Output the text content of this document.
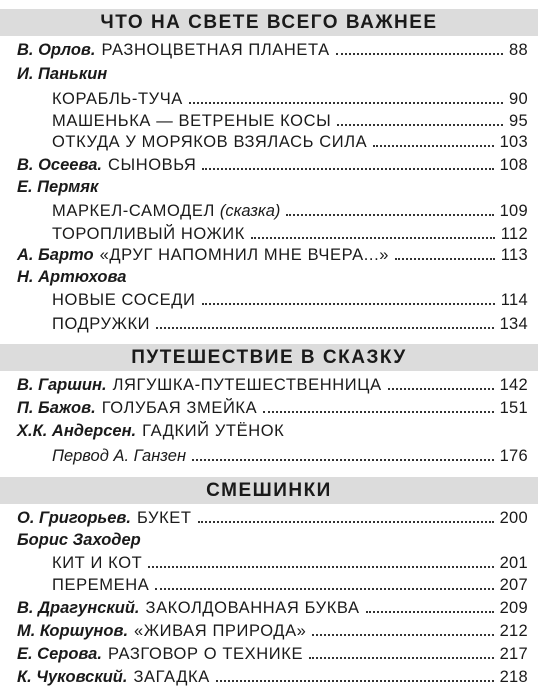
ЧТО НА СВЕТЕ ВСЕГО ВАЖНЕЕ
В. Орлов. РАЗНОЦВЕТНАЯ ПЛАНЕТА	88
И. Панькин
КОРАБЛЬ-ТУЧА	90
МАШЕНЬКА — ВЕТРЕНЫЕ КОСЫ	95
ОТКУДА У МОРЯКОВ ВЗЯЛАСЬ СИЛА	103
В. Осеева. СЫНОВЬЯ	108
Е. Пермяк
МАРКЕЛ-САМОДЕЛ (сказка)	109
ТОРОПЛИВЫЙ НОЖИК	112
А. Барто «ДРУГ НАПОМНИЛ МНЕ ВЧЕРА...»	113
Н. Артюхова
НОВЫЕ СОСЕДИ	114
ПОДРУЖКИ	134
ПУТЕШЕСТВИЕ В СКАЗКУ
В. Гаршин. ЛЯГУШКА-ПУТЕШЕСТВЕННИЦА	142
П. Бажов. ГОЛУБАЯ ЗМЕЙКА	151
Х.К. Андерсен. ГАДКИЙ УТЁНОК
Первод А. Ганзен	176
СМЕШИНКИ
О. Григорьев. БУКЕТ	200
Борис Заходер
КИТ И КОТ	201
ПЕРЕМЕНА	207
В. Драгунский. ЗАКОЛДОВАННАЯ БУКВА	209
М. Коршунов. «ЖИВАЯ ПРИРОДА»	212
Е. Серова. РАЗГОВОР О ТЕХНИКЕ	217
К. Чуковский. ЗАГАДКА	218
